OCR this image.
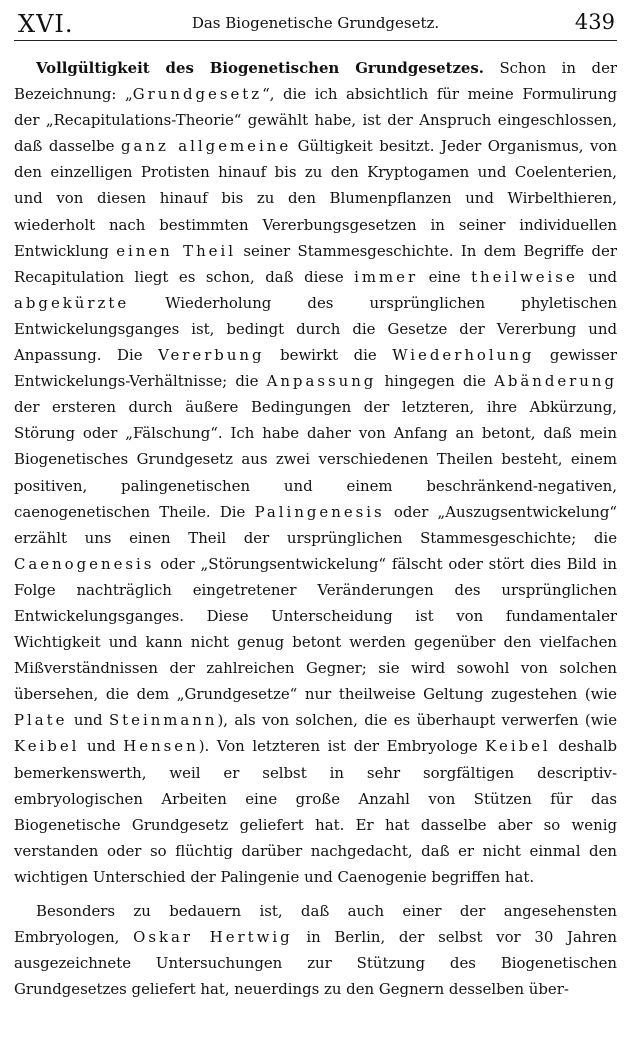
XVI.	Das Biogenetische Grundgesetz.	439

Vollgültigkeit des Biogenetischen Grundgesetzes. Schon in der Bezeichnung: „Grundgesetz“, die ich absichtlich für meine Formulirung der „Recapitulations-Theorie“ gewählt habe, ist der Anspruch eingeschlossen, daß dasselbe ganz allgemeine Gültigkeit besitzt. Jeder Organismus, von den einzelligen Protisten hinauf bis zu den Kryptogamen und Coelenterien, und von diesen hinauf bis zu den Blumenpflanzen und Wirbelthieren, wiederholt nach bestimmten Vererbungsgesetzen in seiner individuellen Entwicklung einen Theil seiner Stammesgeschichte. In dem Begriffe der Recapitulation liegt es schon, daß diese immer eine theilweise und abgekürzte Wiederholung des ursprünglichen phyletischen Entwickelungsganges ist, bedingt durch die Gesetze der Vererbung und Anpassung. Die Vererbung bewirkt die Wiederholung gewisser Entwickelungs-Verhältnisse; die Anpassung hingegen die Abänderung der ersteren durch äußere Bedingungen der letzteren, ihre Abkürzung, Störung oder „Fälschung“. Ich habe daher von Anfang an betont, daß mein Biogenetisches Grundgesetz aus zwei verschiedenen Theilen besteht, einem positiven, palingenetischen und einem beschränkend-negativen, caenogenetischen Theile. Die Palingenesis oder „Auszugsentwickelung“ erzählt uns einen Theil der ursprünglichen Stammesgeschichte; die Caenogenesis oder „Störungsentwickelung“ fälscht oder stört dies Bild in Folge nachträglich eingetretener Veränderungen des ursprünglichen Entwickelungsganges. Diese Unterscheidung ist von fundamentaler Wichtigkeit und kann nicht genug betont werden gegenüber den vielfachen Mißverständnissen der zahlreichen Gegner; sie wird sowohl von solchen übersehen, die dem „Grundgesetze“ nur theilweise Geltung zugestehen (wie Plate und Steinmann), als von solchen, die es überhaupt verwerfen (wie Keibel und Hensen). Von letzteren ist der Embryologe Keibel deshalb bemerkenswerth, weil er selbst in sehr sorgfältigen descriptiv-embryologischen Arbeiten eine große Anzahl von Stützen für das Biogenetische Grundgesetz geliefert hat. Er hat dasselbe aber so wenig verstanden oder so flüchtig darüber nachgedacht, daß er nicht einmal den wichtigen Unterschied der Palingenie und Caenogenie begriffen hat.

Besonders zu bedauern ist, daß auch einer der angesehensten Embryologen, Oskar Hertwig in Berlin, der selbst vor 30 Jahren ausgezeichnete Untersuchungen zur Stützung des Biogenetischen Grundgesetzes geliefert hat, neuerdings zu den Gegnern desselben über-
